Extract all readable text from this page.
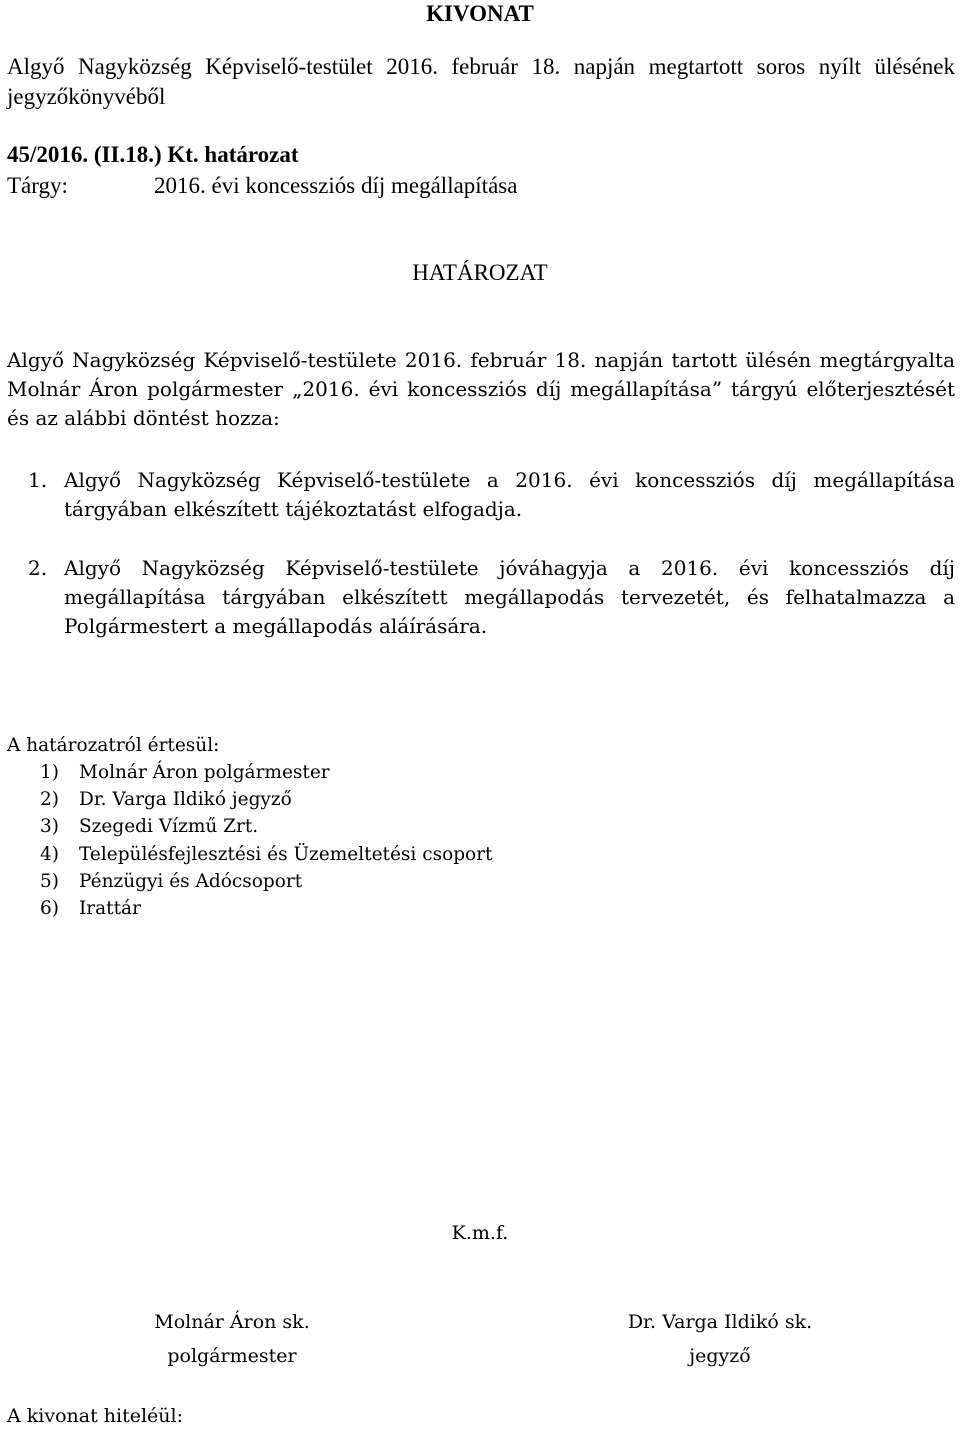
KIVONAT

Algyő Nagyközség Képviselő-testület 2016. február 18. napján megtartott soros nyílt ülésének jegyzőkönyvéből

45/2016. (II.18.) Kt. határozat

Tárgy:	2016. évi koncessziós díj megállapítása
HATÁROZAT

Algyő Nagyközség Képviselő-testülete 2016. február 18. napján tartott ülésén megtárgyalta Molnár Áron polgármester „2016. évi koncessziós díj megállapítása” tárgyú előterjesztését és az alábbi döntést hozza:

1. Algyő Nagyközség Képviselő-testülete a 2016. évi koncessziós díj megállapítása tárgyában elkészített tájékoztatást elfogadja.
2. Algyő Nagyközség Képviselő-testülete jóváhagyja a 2016. évi koncessziós díj megállapítása tárgyában elkészített megállapodás tervezetét, és felhatalmazza a Polgármestert a megállapodás aláírására.

A határozatról értesül:

1)	Molnár Áron polgármester
2)	Dr. Varga Ildikó jegyző
3)	Szegedi Vízmű Zrt.
4)	Településfejlesztési és Üzemeltetési csoport
5)	Pénzügyi és Adócsoport
6)	Irattár

K.m.f.

Molnár Áron sk.
polgármester
Dr. Varga Ildikó sk.
jegyző

A kivonat hiteléül:
